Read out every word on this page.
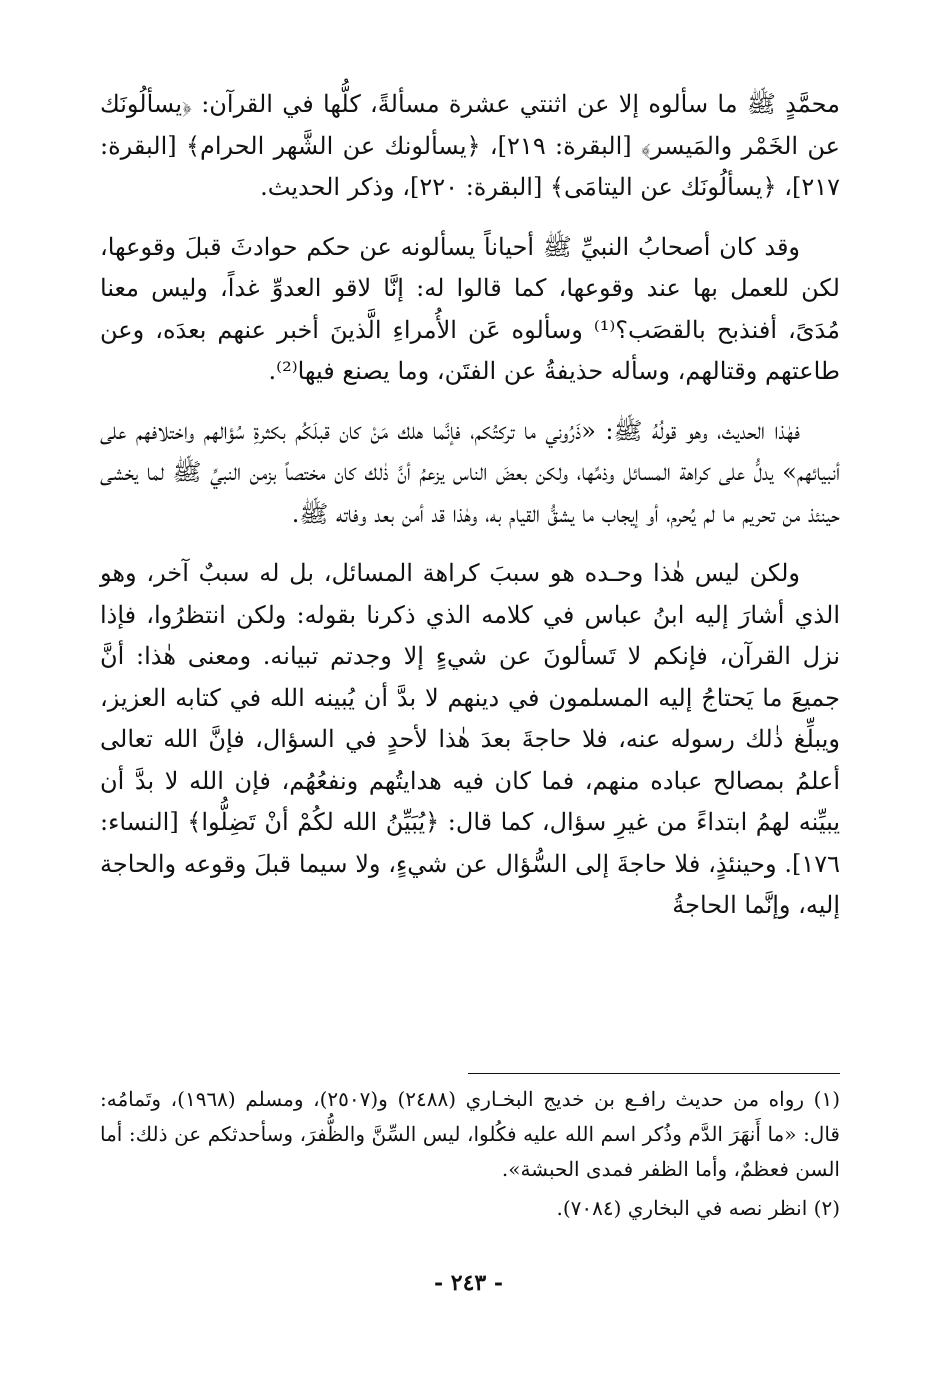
محمَّدٍ ﷺ ما سألوه إلا عن اثنتي عشرة مسألةً، كلُّها في القرآن: ﴿يسألُونَك عن الخَمْر والمَيسر﴾ [البقرة: ٢١٩]، ﴿يسألونك عن الشَّهر الحرام﴾ [البقرة: ٢١٧]، ﴿يسألُونَك عن اليتامَى﴾ [البقرة: ٢٢٠]، وذكر الحديث.

وقد كان أصحابُ النبيِّ ﷺ أحياناً يسألونه عن حكم حوادثَ قبلَ وقوعها، لكن للعمل بها عند وقوعها، كما قالوا له: إنَّا لاقو العدوِّ غداً، وليس معنا مُدَىً، أفنذبح بالقصَب؟⁽¹⁾ وسألوه عَن الأُمراءِ الَّذينَ أخبر عنهم بعدَه، وعن طاعتهم وقتالهم، وسأله حذيفةُ عن الفتَن، وما يصنع فيها⁽²⁾.

فهٰذا الحديث، وهو قولُهُ ﷺ: «ذَرُوني ما تركتُكم، فإنَّما هلك مَنْ كان قبلَكُم بكثرةِ سُؤالهم واختلافهم على أنبيائهم» يدلُّ على كراهة المسائل وذمِّها، ولكن بعضَ الناس يزعمُ أنَّ ذٰلك كان مختصاً بزمن النبيِّ ﷺ لما يخشى حينئذ من تحريم ما لم يُحرم، أو إيجاب ما يشقُّ القيام به، وهٰذا قد أمن بعد وفاته ﷺ.

ولكن ليس هٰذا وحـده هو سببَ كراهة المسائل، بل له سببٌ آخر، وهو الذي أشارَ إليه ابنُ عباس في كلامه الذي ذكرنا بقوله: ولكن انتظرُوا، فإذا نزل القرآن، فإنكم لا تَسألونَ عن شيءٍ إلا وجدتم تبيانه. ومعنى هٰذا: أنَّ جميعَ ما يَحتاجُ إليه المسلمون في دينهم لا بدَّ أن يُبينه الله في كتابه العزيز، ويبلِّغ ذٰلك رسوله عنه، فلا حاجةَ بعدَ هٰذا لأحدٍ في السؤال، فإنَّ الله تعالى أعلمُ بمصالح عباده منهم، فما كان فيه هدايتُهم ونفعُهُم، فإن الله لا بدَّ أن يبيِّنه لهمُ ابتداءً من غيرِ سؤال، كما قال: ﴿يُبَيِّنُ الله لكُمْ أنْ تَضِلُّوا﴾ [النساء: ١٧٦]. وحينئذٍ، فلا حاجةَ إلى السُّؤال عن شيءٍ، ولا سيما قبلَ وقوعه والحاجة إليه، وإنَّما الحاجةُ

(١) رواه من حديث رافـع بن خديج البخـاري (٢٤٨٨) و(٢٥٠٧)، ومسلم (١٩٦٨)، وتَمامُه: قال: «ما أَنهَرَ الدَّم وذُكر اسم الله عليه فكُلوا، ليس السِّنَّ والظُّفرَ، وسأحدثكم عن ذلك: أما السن فعظمٌ، وأما الظفر فمدى الحبشة».

(٢) انظر نصه في البخاري (٧٠٨٤).

- ٢٤٣ -
